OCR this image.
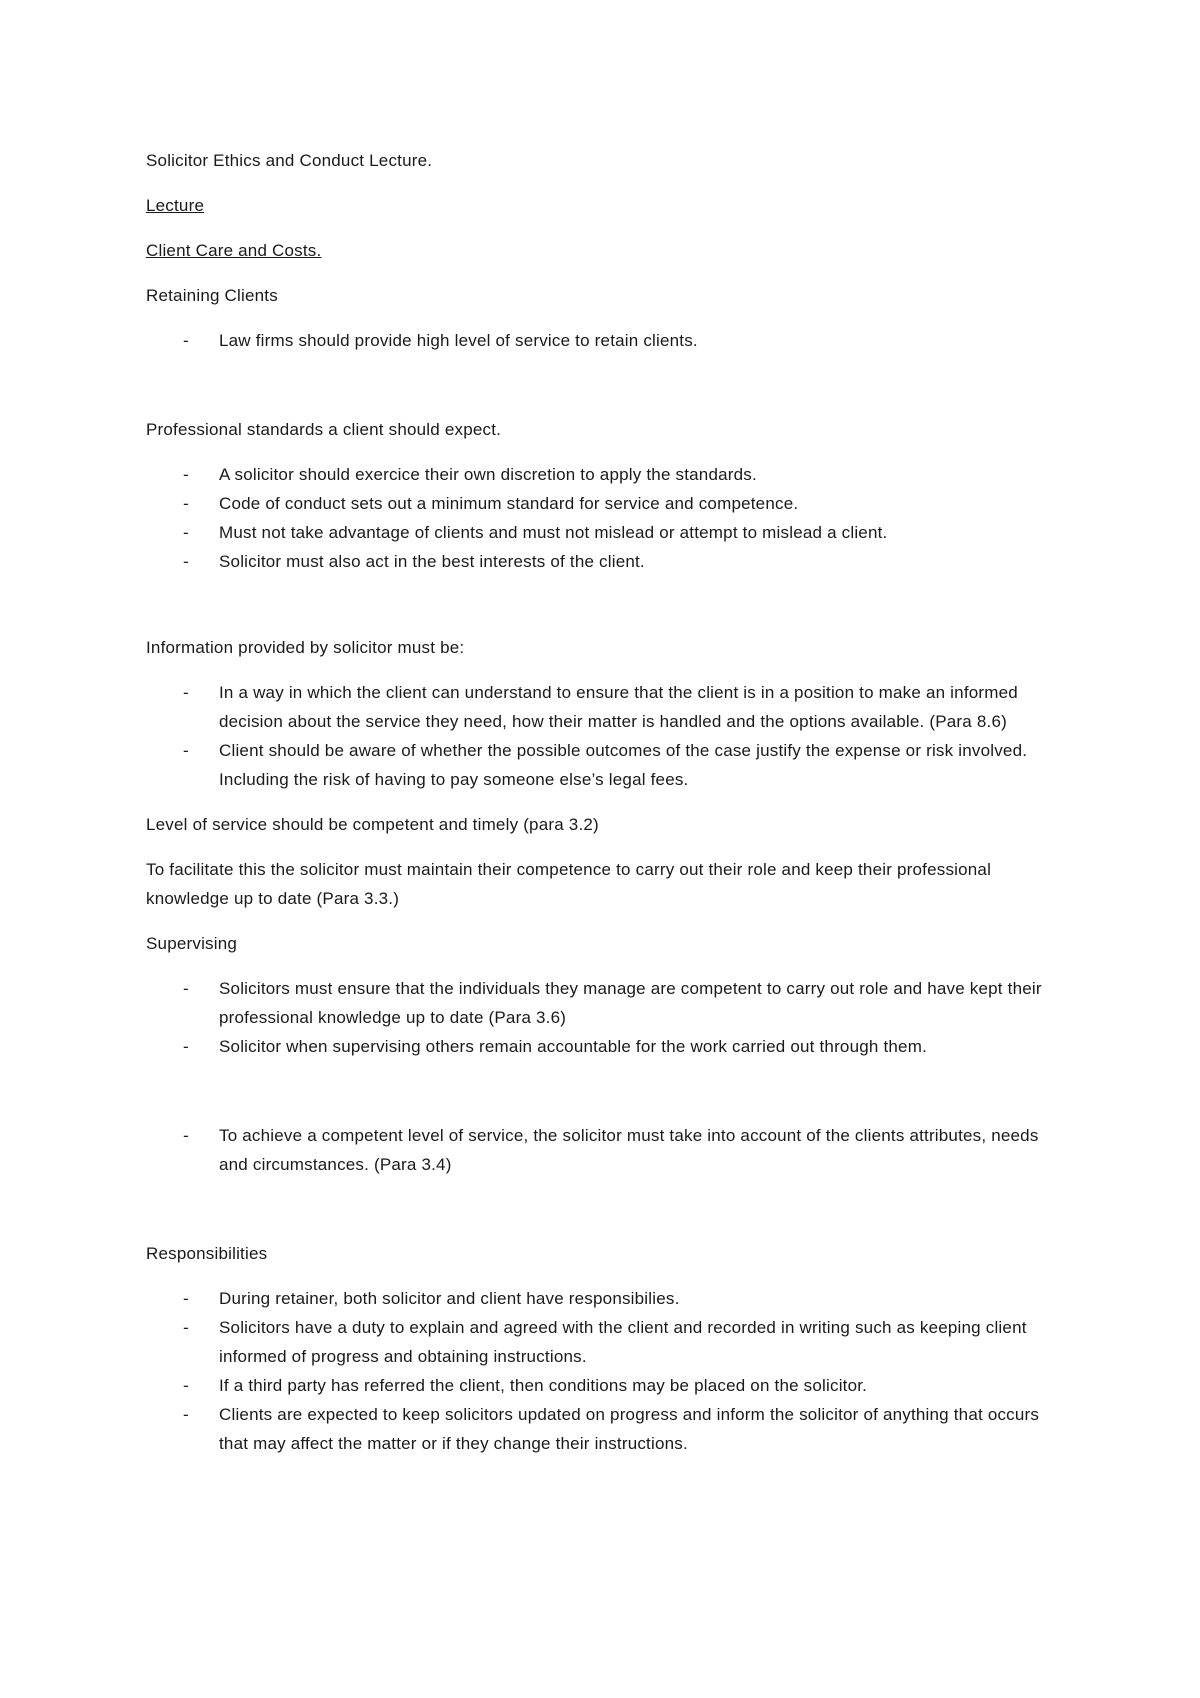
Solicitor Ethics and Conduct Lecture.

Lecture

Client Care and Costs.

Retaining Clients

- Law firms should provide high level of service to retain clients.

Professional standards a client should expect.

- A solicitor should exercice their own discretion to apply the standards.
- Code of conduct sets out a minimum standard for service and competence.
- Must not take advantage of clients and must not mislead or attempt to mislead a client.
- Solicitor must also act in the best interests of the client.

Information provided by solicitor must be:

- In a way in which the client can understand to ensure that the client is in a position to make an informed decision about the service they need, how their matter is handled and the options available. (Para 8.6)
- Client should be aware of whether the possible outcomes of the case justify the expense or risk involved. Including the risk of having to pay someone else’s legal fees.

Level of service should be competent and timely (para 3.2)

To facilitate this the solicitor must maintain their competence to carry out their role and keep their professional knowledge up to date (Para 3.3.)

Supervising

- Solicitors must ensure that the individuals they manage are competent to carry out role and have kept their professional knowledge up to date (Para 3.6)
- Solicitor when supervising others remain accountable for the work carried out through them.
- To achieve a competent level of service, the solicitor must take into account of the clients attributes, needs and circumstances. (Para 3.4)

Responsibilities

- During retainer, both solicitor and client have responsibilies.
- Solicitors have a duty to explain and agreed with the client and recorded in writing such as keeping client informed of progress and obtaining instructions.
- If a third party has referred the client, then conditions may be placed on the solicitor.
- Clients are expected to keep solicitors updated on progress and inform the solicitor of anything that occurs that may affect the matter or if they change their instructions.
